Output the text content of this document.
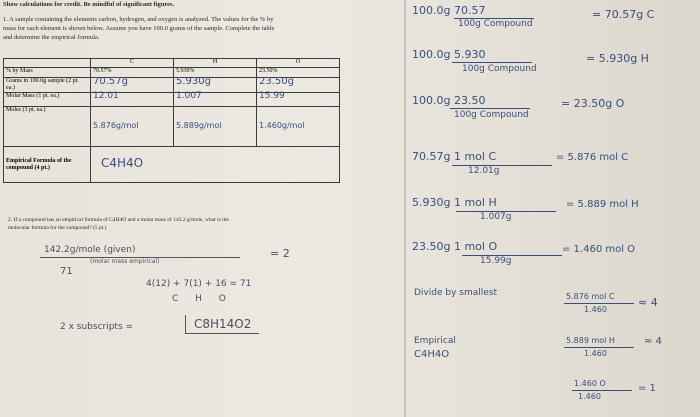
Show calculations for credit. Be mindful of significant figures.
1. A sample containing the elements carbon, hydrogen, and oxygen is analyzed. The values for the % by
mass for each element is shown below. Assume you have 100.0 grams of the sample. Complete the table
and determine the empirical formula.
	C	H	O
% by Mass	70.57%	5.930%	23.50%
Grams in 100.0g sample (2 pt. ea.)	70.57g	5.930g	23.50g
Molar Mass (1 pt. ea.)	12.01	1.007	15.99
Moles (3 pt. ea.)	5.876g/mol	5.889g/mol	1.460g/mol
Empirical Formula of the compound (4 pt.)	C4H4O		
2. If a compound has an empirical formula of C4H4O and a molar mass of 142.2 g/mole, what is the
molecular formula for the compound? (5 pt.)
142.2g/mole (given)
(molar mass empirical)
= 2
71
4(12) + 7(1) + 16 = 71
C H O
2 x subscripts =	C8H14O2
100.0g 70.57
100g Compound
= 70.57g C
100.0g 5.930
100g Compound
= 5.930g H
100.0g 23.50
100g Compound
= 23.50g O
70.57g 1 mol C
12.01g
= 5.876 mol C
5.930g 1 mol H
1.007g
= 5.889 mol H
23.50g 1 mol O
15.99g
= 1.460 mol O
Divide by smallest	5.876 mol C
1.460
≈ 4
Empirical
C4H4O
5.889 mol H
1.460
≈ 4
1.460 O
1.460
= 1
